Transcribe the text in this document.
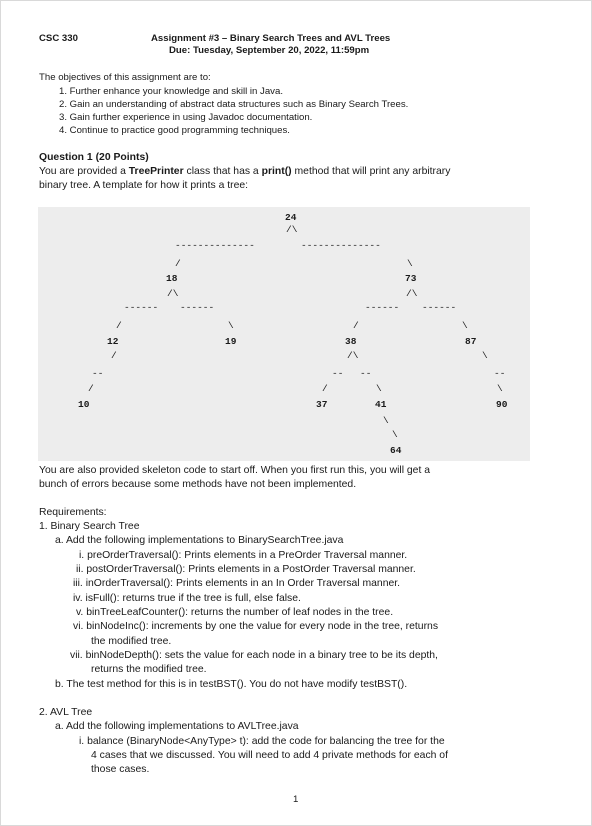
CSC 330	Assignment #3 – Binary Search Trees and AVL Trees
Due: Tuesday, September 20, 2022, 11:59pm
The objectives of this assignment are to:
1. Further enhance your knowledge and skill in Java.
2. Gain an understanding of abstract data structures such as Binary Search Trees.
3. Gain further experience in using Javadoc documentation.
4. Continue to practice good programming techniques.
Question 1 (20 Points)
You are provided a TreePrinter class that has a print() method that will print any arbitrary
binary tree. A template for how it prints a tree:
24
/\
--------------	--------------
/	\
18	73
/\	/\
------ ------	------ ------
/	\	/	\
12	19	38	87
/	/\	\
--	-- --	--
/	/	\	\
10	37	41	90
\
\
64
You are also provided skeleton code to start off. When you first run this, you will get a
bunch of errors because some methods have not been implemented.
Requirements:
1. Binary Search Tree
a. Add the following implementations to BinarySearchTree.java
i. preOrderTraversal(): Prints elements in a PreOrder Traversal manner.
ii. postOrderTraversal(): Prints elements in a PostOrder Traversal manner.
iii. inOrderTraversal(): Prints elements in an In Order Traversal manner.
iv. isFull(): returns true if the tree is full, else false.
v. binTreeLeafCounter(): returns the number of leaf nodes in the tree.
vi. binNodeInc(): increments by one the value for every node in the tree, returns
the modified tree.
vii. binNodeDepth(): sets the value for each node in a binary tree to be its depth,
returns the modified tree.
b. The test method for this is in testBST(). You do not have modify testBST().
2. AVL Tree
a. Add the following implementations to AVLTree.java
i. balance (BinaryNode<AnyType> t): add the code for balancing the tree for the
4 cases that we discussed. You will need to add 4 private methods for each of
those cases.
1
